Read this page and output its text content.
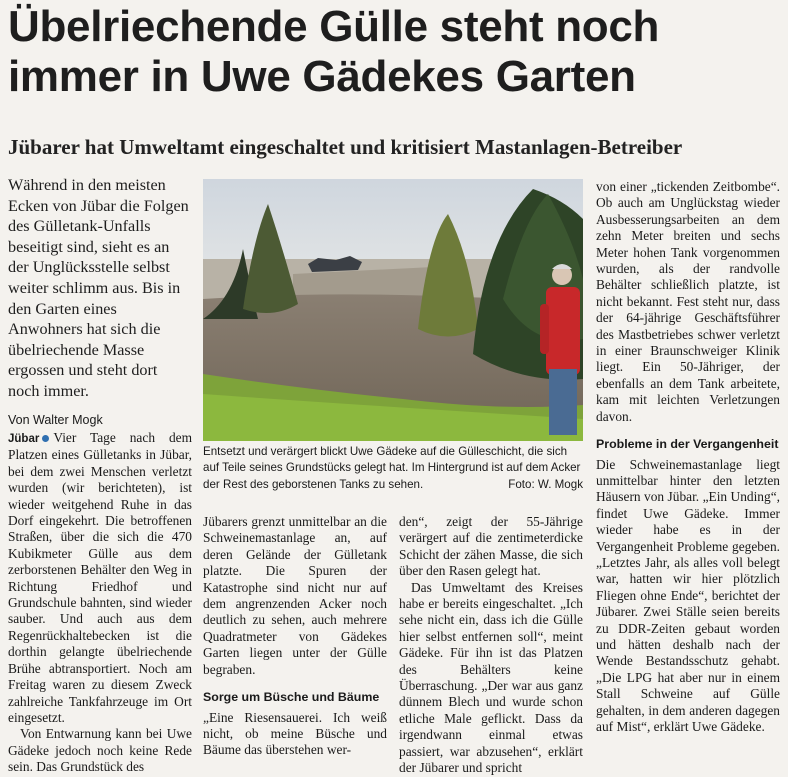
Übelriechende Gülle steht noch immer in Uwe Gädekes Garten
Jübarer hat Umweltamt eingeschaltet und kritisiert Mastanlagen-Betreiber

Während in den meisten Ecken von Jübar die Folgen des Gülletank-Unfalls beseitigt sind, sieht es an der Unglücksstelle selbst weiter schlimm aus. Bis in den Garten eines Anwohners hat sich die übelriechende Masse ergossen und steht dort noch immer.

Von Walter Mogk

Jübar Vier Tage nach dem Platzen eines Gülletanks in Jübar, bei dem zwei Menschen verletzt wurden (wir berichteten), ist wieder weitgehend Ruhe in das Dorf eingekehrt. Die betroffenen Straßen, über die sich die 470 Kubikmeter Gülle aus dem zerborstenen Behälter den Weg in Richtung Friedhof und Grundschule bahnten, sind wieder sauber. Und auch aus dem Regenrückhaltebecken ist die dorthin gelangte übelriechende Brühe abtransportiert. Noch am Freitag waren zu diesem Zweck zahlreiche Tankfahrzeuge im Ort eingesetzt.

Von Entwarnung kann bei Uwe Gädeke jedoch noch keine Rede sein. Das Grundstück des

Entsetzt und verärgert blickt Uwe Gädeke auf die Gülleschicht, die sich auf Teile seines Grundstücks gelegt hat. Im Hintergrund ist auf dem Acker der Rest des geborstenen Tanks zu sehen.	Foto: W. Mogk

Jübarers grenzt unmittelbar an die Schweinemastanlage an, auf deren Gelände der Gülletank platzte. Die Spuren der Katastrophe sind nicht nur auf dem angrenzenden Acker noch deutlich zu sehen, auch mehrere Quadratmeter von Gädekes Garten liegen unter der Gülle begraben.

Sorge um Büsche und Bäume

„Eine Riesensauerei. Ich weiß nicht, ob meine Büsche und Bäume das überstehen wer-

den“, zeigt der 55-Jährige verärgert auf die zentimeterdicke Schicht der zähen Masse, die sich über den Rasen gelegt hat.

Das Umweltamt des Kreises habe er bereits eingeschaltet. „Ich sehe nicht ein, dass ich die Gülle hier selbst entfernen soll“, meint Gädeke. Für ihn ist das Platzen des Behälters keine Überraschung. „Der war aus ganz dünnem Blech und wurde schon etliche Male geflickt. Dass da irgendwann einmal etwas passiert, war abzusehen“, erklärt der Jübarer und spricht

von einer „tickenden Zeitbombe“. Ob auch am Unglückstag wieder Ausbesserungsarbeiten an dem zehn Meter breiten und sechs Meter hohen Tank vorgenommen wurden, als der randvolle Behälter schließlich platzte, ist nicht bekannt. Fest steht nur, dass der 64-jährige Geschäftsführer des Mastbetriebes schwer verletzt in einer Braunschweiger Klinik liegt. Ein 50-Jähriger, der ebenfalls an dem Tank arbeitete, kam mit leichten Verletzungen davon.

Probleme in der Vergangenheit

Die Schweinemastanlage liegt unmittelbar hinter den letzten Häusern von Jübar. „Ein Unding“, findet Uwe Gädeke. Immer wieder habe es in der Vergangenheit Probleme gegeben. „Letztes Jahr, als alles voll belegt war, hatten wir hier plötzlich Fliegen ohne Ende“, berichtet der Jübarer. Zwei Ställe seien bereits zu DDR-Zeiten gebaut worden und hätten deshalb nach der Wende Bestandsschutz gehabt. „Die LPG hat aber nur in einem Stall Schweine auf Gülle gehalten, in dem anderen dagegen auf Mist“, erklärt Uwe Gädeke.
